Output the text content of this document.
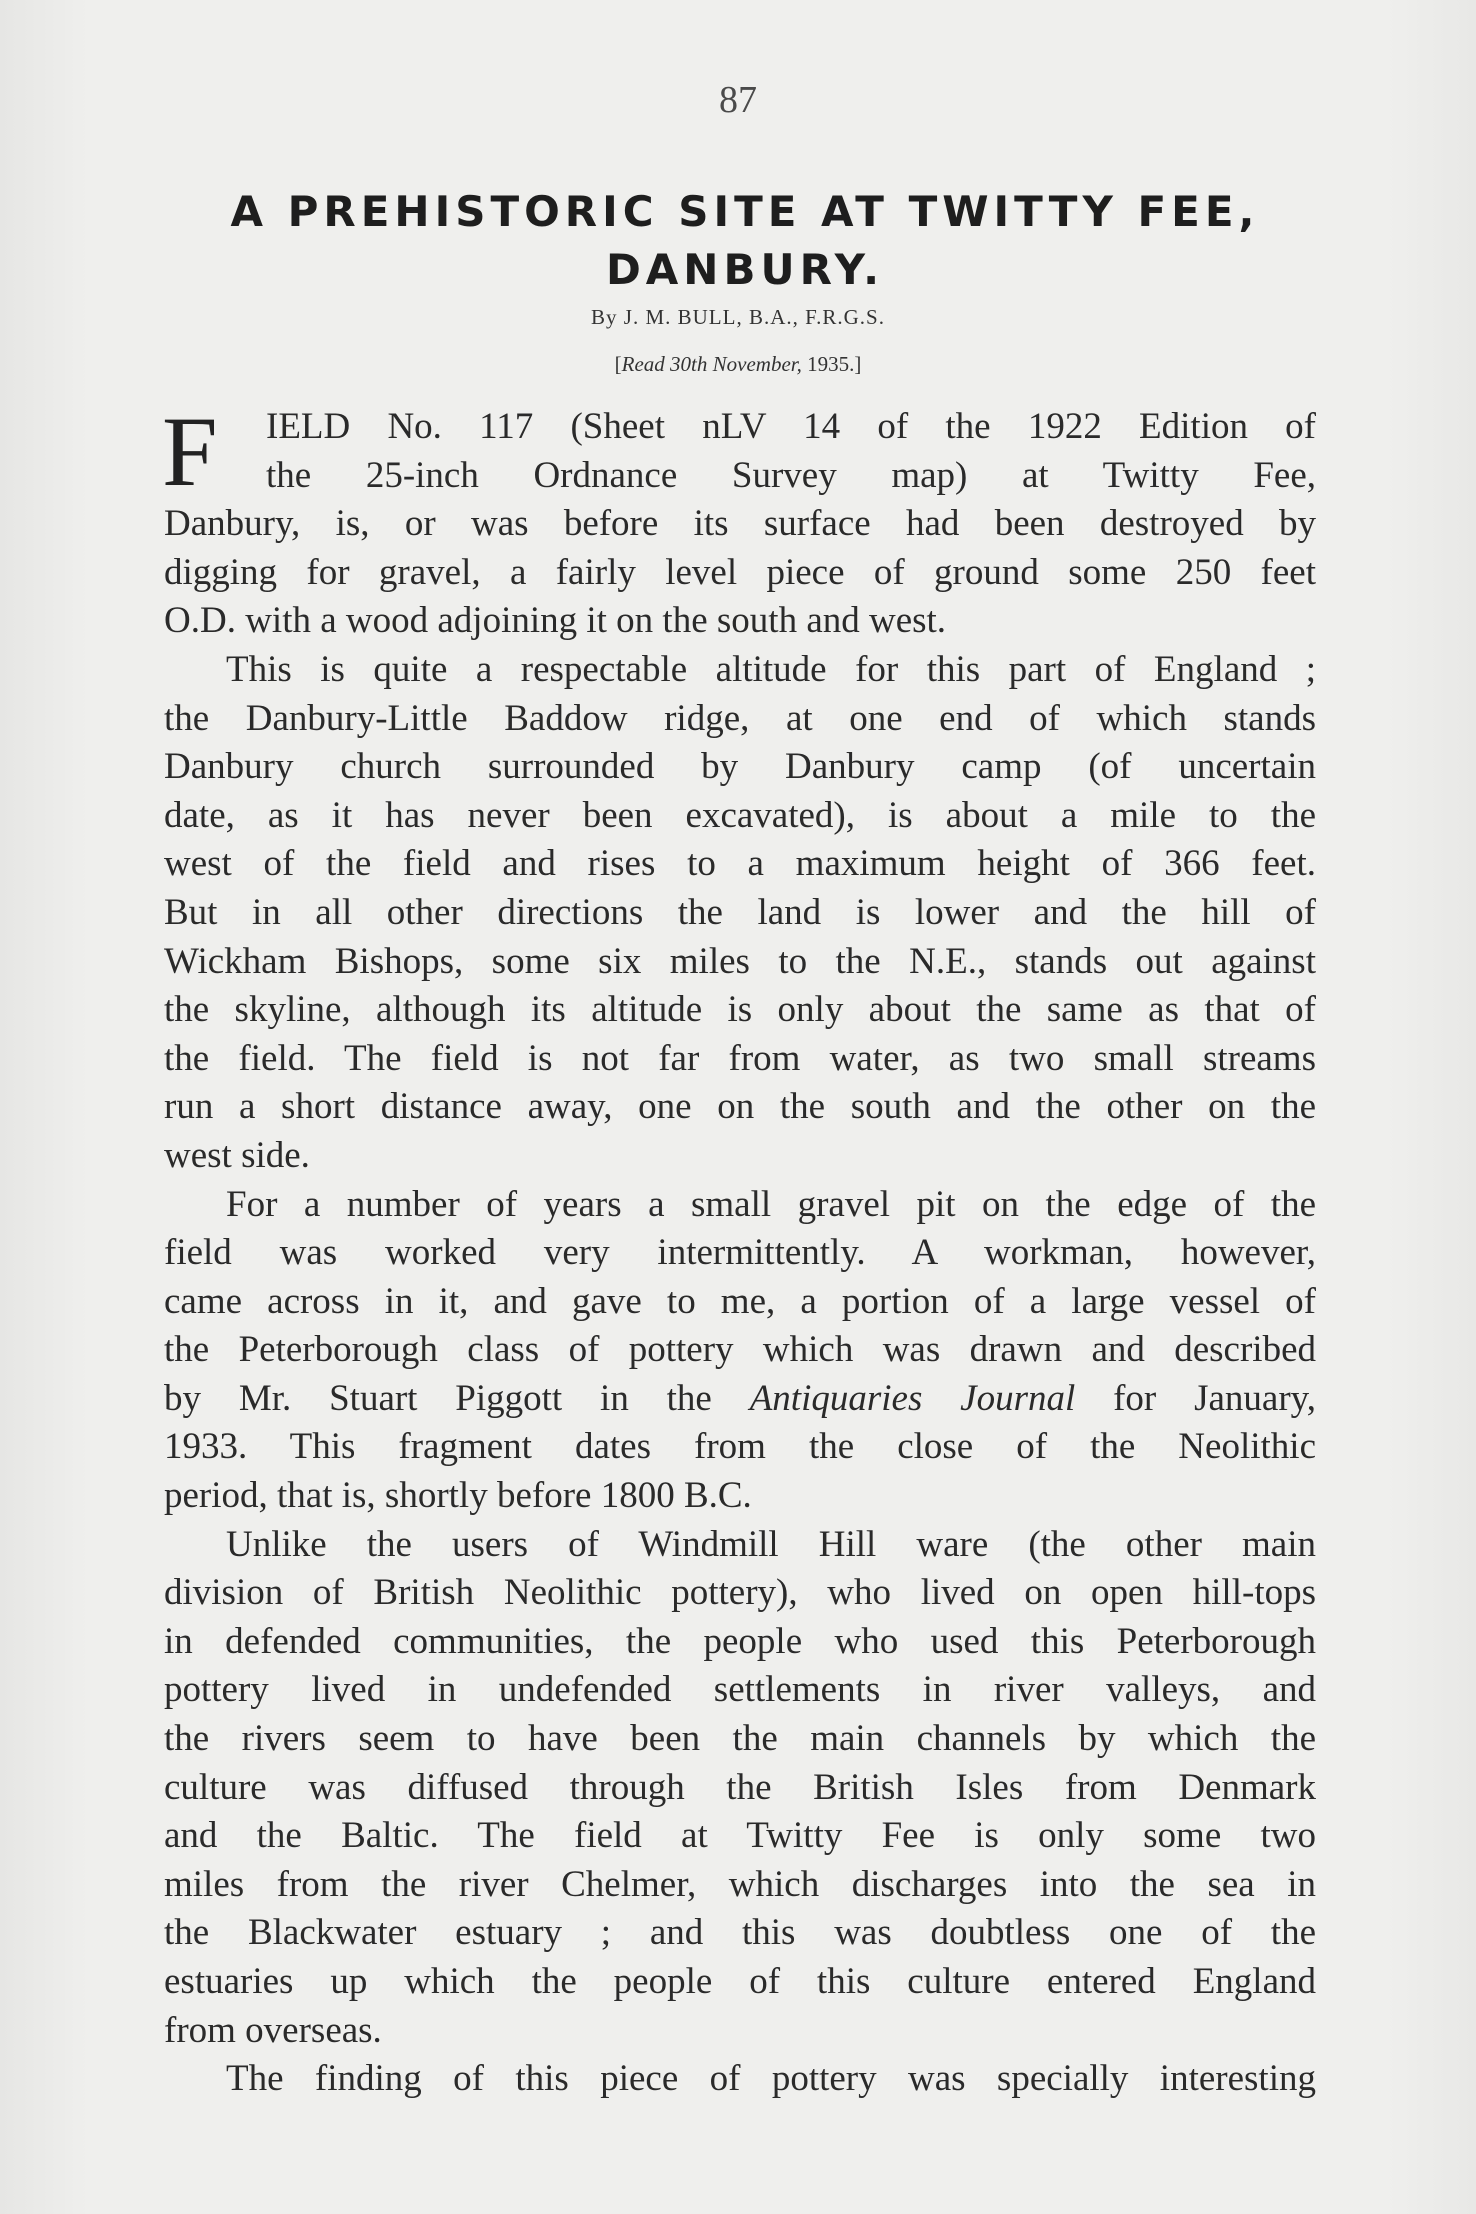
87
A PREHISTORIC SITE AT TWITTY FEE,
DANBURY.
By J. M. BULL, B.A., F.R.G.S.
[Read 30th November, 1935.]
F	IELD No. 117 (Sheet nLV 14 of the 1922 Edition of
the 25-inch Ordnance Survey map) at Twitty Fee,
Danbury, is, or was before its surface had been destroyed by
digging for gravel, a fairly level piece of ground some 250 feet
O.D. with a wood adjoining it on the south and west.
This is quite a respectable altitude for this part of England ;
the Danbury-Little Baddow ridge, at one end of which stands
Danbury church surrounded by Danbury camp (of uncertain
date, as it has never been excavated), is about a mile to the
west of the field and rises to a maximum height of 366 feet.
But in all other directions the land is lower and the hill of
Wickham Bishops, some six miles to the N.E., stands out against
the skyline, although its altitude is only about the same as that of
the field. The field is not far from water, as two small streams
run a short distance away, one on the south and the other on the
west side.
For a number of years a small gravel pit on the edge of the
field was worked very intermittently. A workman, however,
came across in it, and gave to me, a portion of a large vessel of
the Peterborough class of pottery which was drawn and described
by Mr. Stuart Piggott in the Antiquaries Journal for January,
1933. This fragment dates from the close of the Neolithic
period, that is, shortly before 1800 B.C.
Unlike the users of Windmill Hill ware (the other main
division of British Neolithic pottery), who lived on open hill-tops
in defended communities, the people who used this Peterborough
pottery lived in undefended settlements in river valleys, and
the rivers seem to have been the main channels by which the
culture was diffused through the British Isles from Denmark
and the Baltic. The field at Twitty Fee is only some two
miles from the river Chelmer, which discharges into the sea in
the Blackwater estuary ; and this was doubtless one of the
estuaries up which the people of this culture entered England
from overseas.
The finding of this piece of pottery was specially interesting
